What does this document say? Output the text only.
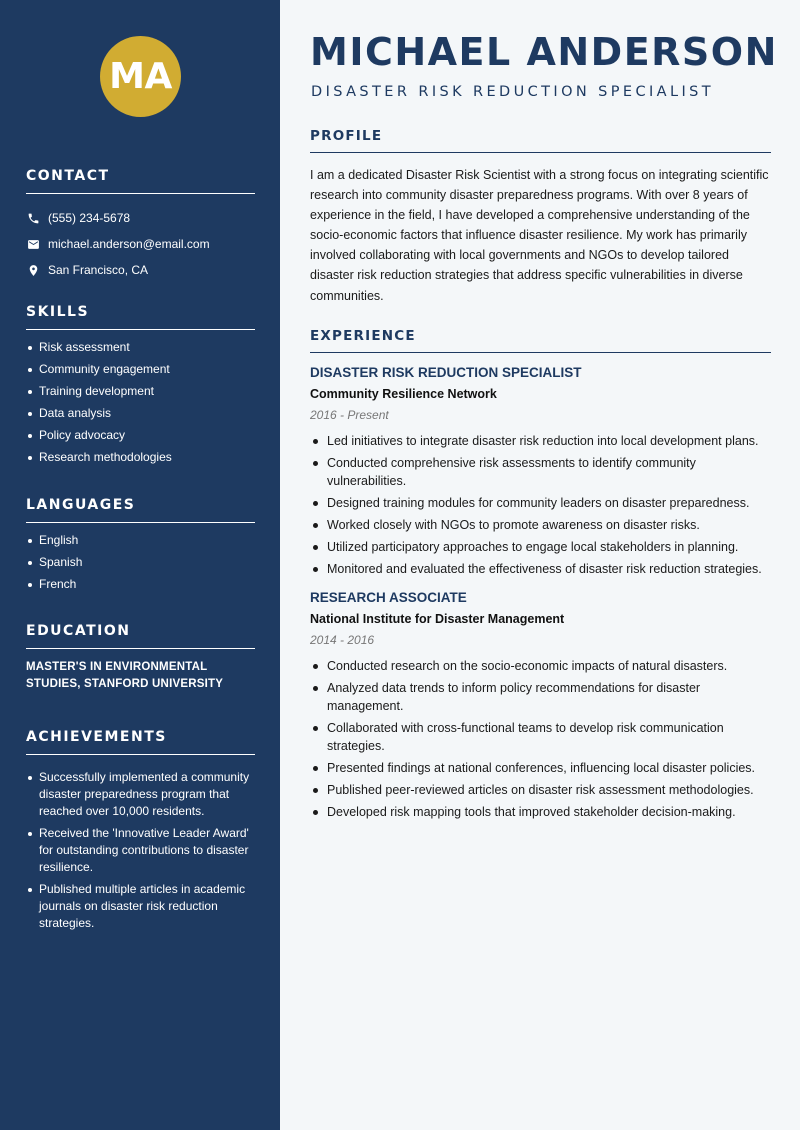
MA
CONTACT
(555) 234-5678
michael.anderson@email.com
San Francisco, CA
SKILLS
Risk assessment
Community engagement
Training development
Data analysis
Policy advocacy
Research methodologies
LANGUAGES
English
Spanish
French
EDUCATION
MASTER'S IN ENVIRONMENTAL STUDIES, STANFORD UNIVERSITY
ACHIEVEMENTS
Successfully implemented a community disaster preparedness program that reached over 10,000 residents.
Received the 'Innovative Leader Award' for outstanding contributions to disaster resilience.
Published multiple articles in academic journals on disaster risk reduction strategies.
MICHAEL ANDERSON
DISASTER RISK REDUCTION SPECIALIST
PROFILE
I am a dedicated Disaster Risk Scientist with a strong focus on integrating scientific research into community disaster preparedness programs. With over 8 years of experience in the field, I have developed a comprehensive understanding of the socio-economic factors that influence disaster resilience. My work has primarily involved collaborating with local governments and NGOs to develop tailored disaster risk reduction strategies that address specific vulnerabilities in diverse communities.
EXPERIENCE
DISASTER RISK REDUCTION SPECIALIST
Community Resilience Network
2016 - Present
Led initiatives to integrate disaster risk reduction into local development plans.
Conducted comprehensive risk assessments to identify community vulnerabilities.
Designed training modules for community leaders on disaster preparedness.
Worked closely with NGOs to promote awareness on disaster risks.
Utilized participatory approaches to engage local stakeholders in planning.
Monitored and evaluated the effectiveness of disaster risk reduction strategies.
RESEARCH ASSOCIATE
National Institute for Disaster Management
2014 - 2016
Conducted research on the socio-economic impacts of natural disasters.
Analyzed data trends to inform policy recommendations for disaster management.
Collaborated with cross-functional teams to develop risk communication strategies.
Presented findings at national conferences, influencing local disaster policies.
Published peer-reviewed articles on disaster risk assessment methodologies.
Developed risk mapping tools that improved stakeholder decision-making.
